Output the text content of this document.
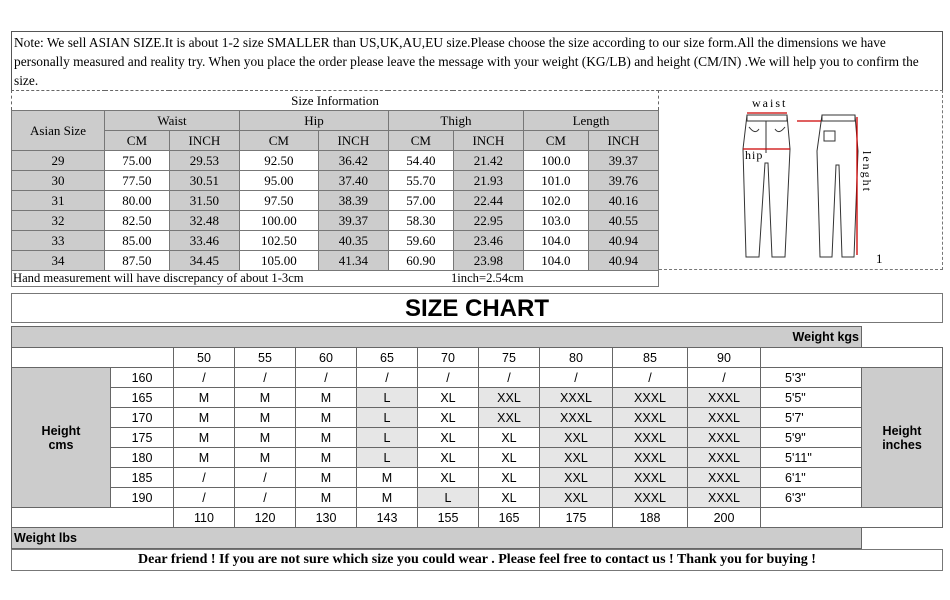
Note: We sell ASIAN SIZE.It is about 1-2 size SMALLER than US,UK,AU,EU size.Please choose the size according to our size form.All the dimensions we have personally measured and reality try. When you place the order please leave the message with your weight (KG/LB) and height (CM/IN) .We will help you to confirm the size.
Size Information								
Asian Size	Waist		Hip		Thigh		Length	
	CM	INCH	CM	INCH	CM	INCH	CM	INCH
29	75.00	29.53	92.50	36.42	54.40	21.42	100.0	39.37
30	77.50	30.51	95.00	37.40	55.70	21.93	101.0	39.76
31	80.00	31.50	97.50	38.39	57.00	22.44	102.0	40.16
32	82.50	32.48	100.00	39.37	58.30	22.95	103.0	40.55
33	85.00	33.46	102.50	40.35	59.60	23.46	104.0	40.94
34	87.50	34.45	105.00	41.34	60.90	23.98	104.0	40.94
Hand measurement will have discrepancy of about 1-3cm	1inch=2.54cm
waist
hip	lenght
1
SIZE CHART
Weight kgs												
		50	55	60	65	70	75	80	85	90		
Height
cms	160	/	/	/	/	/	/	/	/	/	5'3"	Height
inches
	165	M	M	M	L	XL	XXL	XXXL	XXXL	XXXL	5'5"	
	170	M	M	M	L	XL	XXL	XXXL	XXXL	XXXL	5'7'	
	175	M	M	M	L	XL	XL	XXL	XXXL	XXXL	5'9"	
	180	M	M	M	L	XL	XL	XXL	XXXL	XXXL	5'11"	
	185	/	/	M	M	XL	XL	XXL	XXXL	XXXL	6'1"	
	190	/	/	M	M	L	XL	XXL	XXXL	XXXL	6'3"	
		110	120	130	143	155	165	175	188	200		
Weight lbs												
Dear friend ! If you are not sure which size you could wear . Please feel free to contact us ! Thank you for buying !
